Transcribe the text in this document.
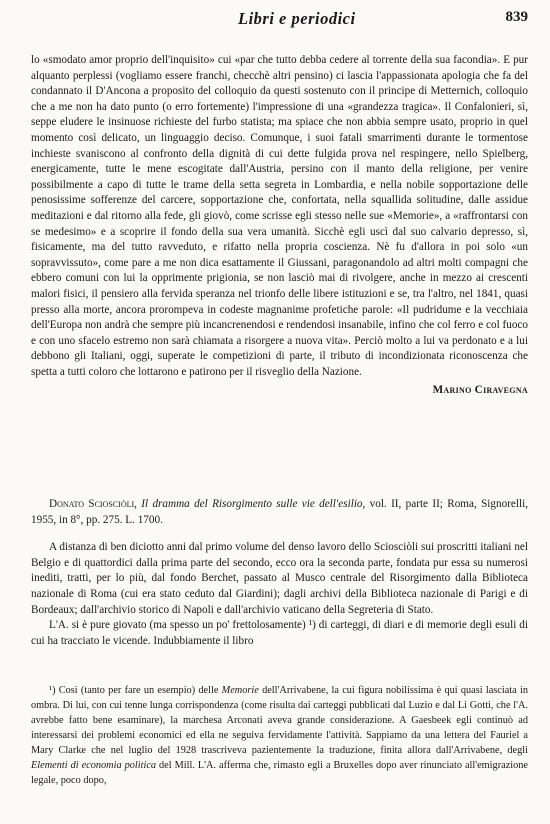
Libri e periodici	839

lo «smodato amor proprio dell'inquisito» cui «par che tutto debba cedere al torrente della sua facondia». E pur alquanto perplessi (vogliamo essere franchi, checchè altri pensino) ci lascia l'appassionata apologia che fa del condannato il D'Ancona a proposito del colloquio da questi sostenuto con il principe di Metternich, colloquio che a me non ha dato punto (o erro fortemente) l'impressione di una «grandezza tragica». Il Confalonieri, sì, seppe eludere le insinuose richieste del furbo statista; ma spiace che non abbia sempre usato, proprio in quel momento così delicato, un linguaggio deciso. Comunque, i suoi fatali smarrimenti durante le tormentose inchieste svaniscono al confronto della dignità di cui dette fulgida prova nel respingere, nello Spielberg, energicamente, tutte le mene escogitate dall'Austria, persino con il manto della religione, per venire possibilmente a capo di tutte le trame della setta segreta in Lombardia, e nella nobile sopportazione delle penosissime sofferenze del carcere, sopportazione che, confortata, nella squallida solitudine, dalle assidue meditazioni e dal ritorno alla fede, gli giovò, come scrisse egli stesso nelle sue «Memorie», a «raffrontarsi con se medesimo» e a scoprire il fondo della sua vera umanità. Sicchè egli uscì dal suo calvario depresso, sì, fisicamente, ma del tutto ravveduto, e rifatto nella propria coscienza. Nè fu d'allora in poi solo «un sopravvissuto», come pare a me non dica esattamente il Giussani, paragonandolo ad altri molti compagni che ebbero comuni con lui la opprimente prigionia, se non lasciò mai di rivolgere, anche in mezzo ai crescenti malori fisici, il pensiero alla fervida speranza nel trionfo delle libere istituzioni e se, tra l'altro, nel 1841, quasi presso alla morte, ancora prorompeva in codeste magnanime profetiche parole: «Il pudridume e la vecchiaia dell'Europa non andrà che sempre più incancrenendosi e rendendosi insanabile, infino che col ferro e col fuoco e con uno sfacelo estremo non sarà chiamata a risorgere a nuova vita». Perciò molto a lui va perdonato e a lui debbono gli Italiani, oggi, superate le competizioni di parte, il tributo di incondizionata riconoscenza che spetta a tutti coloro che lottarono e patirono per il risveglio della Nazione.

Marino Ciravegna

Donato Sciosciòli, Il dramma del Risorgimento sulle vie dell'esilio, vol. II, parte II; Roma, Signorelli, 1955, in 8°, pp. 275. L. 1700.

A distanza di ben diciotto anni dal primo volume del denso lavoro dello Sciosciòli sui proscritti italiani nel Belgio e di quattordici dalla prima parte del secondo, ecco ora la seconda parte, fondata pur essa su numerosi inediti, tratti, per lo più, dal fondo Berchet, passato al Musco centrale del Risorgimento dalla Biblioteca nazionale di Roma (cui era stato ceduto dal Giardini); dagli archivi della Biblioteca nazionale di Parigi e di Bordeaux; dall'archivio storico di Napoli e dall'archivio vaticano della Segreteria di Stato.

L'A. si è pure giovato (ma spesso un po' frettolosamente) ¹) di carteggi, di diari e di memorie degli esuli di cui ha tracciato le vicende. Indubbiamente il libro

¹) Così (tanto per fare un esempio) delle Memorie dell'Arrivabene, la cui figura nobilissima è qui quasi lasciata in ombra. Di lui, con cui tenne lunga corrispondenza (come risulta dai carteggi pubblicati dal Luzio e dal Li Gotti, che l'A. avrebbe fatto bene esaminare), la marchesa Arconati aveva grande considerazione. A Gaesbeek egli continuò ad interessarsi dei problemi economici ed ella ne seguiva fervidamente l'attività. Sappiamo da una lettera del Fauriel a Mary Clarke che nel luglio del 1928 trascriveva pazientemente la traduzione, finita allora dall'Arrivabene, degli Elementi di economia politica del Mill. L'A. afferma che, rimasto egli a Bruxelles dopo aver rinunciato all'emigrazione legale, poco dopo,
